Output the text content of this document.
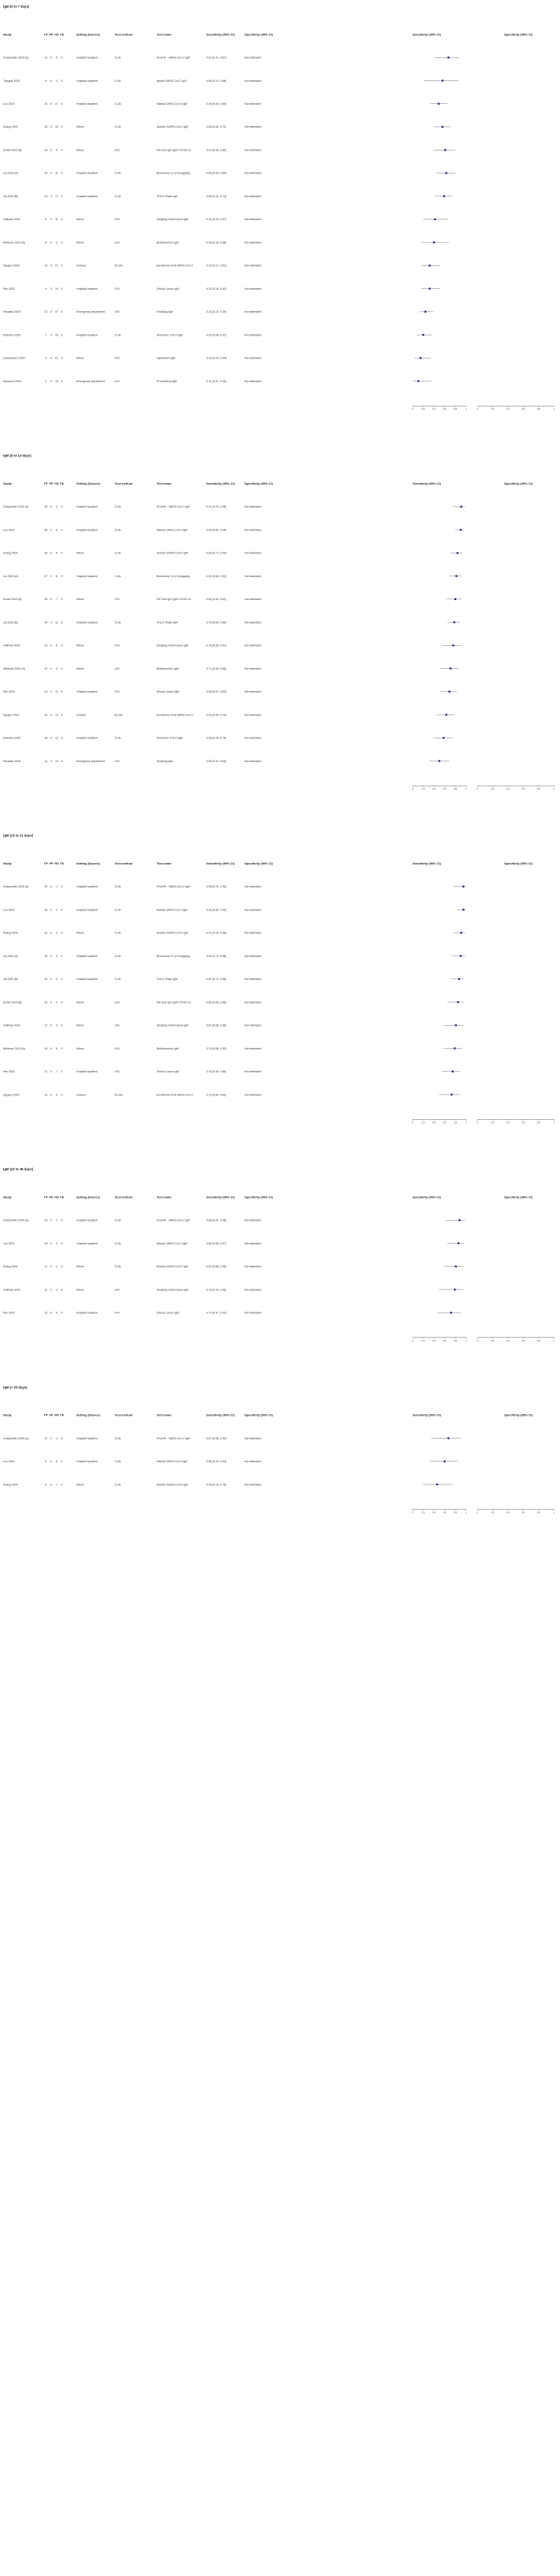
IgM (0 to 7 days)
Study	TP FP FN TN	Setting (Source)	Test method	Test name	Sensitivity (95% CI)	Specificity (95% CI)	Sensitivity (95% CI)	Specificity (95% CI)
Charpentier 2020 (A)	12 0 6 0	Hospital inpatient	CLIA	iFLASH - SARS-CoV-2 IgM	0.67 [0.41, 0.87]	Not estimable
Traugott 2020	5 0 4 0	Hospital inpatient	CLIA	Abbott SARS-CoV-2 IgG	0.56 [0.21, 0.86]	Not estimable
Lou 2020	20 0 21 0	Hospital inpatient	CLIA	Wantai SARS-CoV-2 IgM	0.49 [0.33, 0.65]	Not estimable
Zhang 2020	23 0 18 0	Mixed	CLIA	Autobio SARS-CoV-2 IgM	0.56 [0.40, 0.72]	Not estimable
Dortet 2020 (B)	14 0 9 0	Mixed	LFA	NG-Test IgG-IgM COVID-19	0.61 [0.39, 0.80]	Not estimable
Liu 2020 (A)	19 0 11 0	Hospital inpatient	CLIA	Bioscience Co (Chongqing)	0.63 [0.44, 0.80]	Not estimable
Jia 2020 (B)	24 0 17 0	Hospital inpatient	CLIA	YHLO iFlash IgM	0.59 [0.42, 0.74]	Not estimable
Hoffman 2020	8 0 11 0	Mixed	LFA	Zhejiang Orient Gene IgM	0.42 [0.20, 0.67]	Not estimable
Whitman 2020 (A)	6 0 9 0	Mixed	LFA	BioMedomics IgM	0.40 [0.16, 0.68]	Not estimable
Nguyen 2020	10 0 21 0	Unclear	ELISA	Euroimmun Anti-SARS-CoV-2	0.32 [0.17, 0.51]	Not estimable
Pan 2020	9 0 19 0	Hospital inpatient	LFA	Zhuhai Livzon IgM	0.32 [0.16, 0.52]	Not estimable
Paradiso 2020	12 0 37 0	Emergency department	LFA	VivaDiag IgM	0.24 [0.13, 0.39]	Not estimable
Infantino 2020	7 0 28 0	Hospital inpatient	CLIA	Shenzhen YHLO IgM	0.20 [0.08, 0.37]	Not estimable
Lassauniere 2020	4 0 23 0	Mixed	LFA	Dynamiker IgM	0.15 [0.04, 0.34]	Not estimable
Spicuzza 2020	2 0 16 0	Emergency department	LFA	Prometheus IgM	0.11 [0.01, 0.35]	Not estimable
0	0.2	0.4	0.6	0.8	1	0	0.2	0.4	0.6	0.8	1
IgM (8 to 14 days)
Study	TP FP FN TN	Setting (Source)	Test method	Test name	Sensitivity (95% CI)	Specificity (95% CI)	Sensitivity (95% CI)	Specificity (95% CI)
Charpentier 2020 (A)	29 0 3 0	Hospital inpatient	CLIA	iFLASH - SARS-CoV-2 IgM	0.91 [0.75, 0.98]	Not estimable
Lou 2020	55 0 6 0	Hospital inpatient	CLIA	Wantai SARS-CoV-2 IgM	0.90 [0.80, 0.96]	Not estimable
Zhang 2020	43 0 8 0	Mixed	CLIA	Autobio SARS-CoV-2 IgM	0.84 [0.71, 0.93]	Not estimable
Liu 2020 (A)	37 0 8 0	Hospital inpatient	CLIA	Bioscience Co (Chongqing)	0.82 [0.68, 0.92]	Not estimable
Dortet 2020 (B)	28 0 7 0	Mixed	LFA	NG-Test IgG-IgM COVID-19	0.80 [0.63, 0.92]	Not estimable
Jia 2020 (B)	40 0 11 0	Hospital inpatient	CLIA	YHLO iFlash IgM	0.78 [0.65, 0.89]	Not estimable
Hoffman 2020	19 0 6 0	Mixed	LFA	Zhejiang Orient Gene IgM	0.76 [0.55, 0.91]	Not estimable
Whitman 2020 (A)	22 0 9 0	Mixed	LFA	BioMedomics IgM	0.71 [0.52, 0.86]	Not estimable
Pan 2020	24 0 11 0	Hospital inpatient	LFA	Zhuhai Livzon IgM	0.69 [0.51, 0.83]	Not estimable
Nguyen 2020	20 0 12 0	Unclear	ELISA	Euroimmun Anti-SARS-CoV-2	0.63 [0.44, 0.79]	Not estimable
Infantino 2020	18 0 13 0	Hospital inpatient	CLIA	Shenzhen YHLO IgM	0.58 [0.39, 0.75]	Not estimable
Paradiso 2020	14 0 14 0	Emergency department	LFA	VivaDiag IgM	0.50 [0.31, 0.69]	Not estimable
0	0.2	0.4	0.6	0.8	1	0	0.2	0.4	0.6	0.8	1
IgM (15 to 21 days)
Study	TP FP FN TN	Setting (Source)	Test method	Test name	Sensitivity (95% CI)	Specificity (95% CI)	Sensitivity (95% CI)	Specificity (95% CI)
Charpentier 2020 (A)	20 0 1 0	Hospital inpatient	CLIA	iFLASH - SARS-CoV-2 IgM	0.95 [0.76, 1.00]	Not estimable
Lou 2020	39 0 2 0	Hospital inpatient	CLIA	Wantai SARS-CoV-2 IgM	0.95 [0.83, 0.99]	Not estimable
Zhang 2020	31 0 3 0	Mixed	CLIA	Autobio SARS-CoV-2 IgM	0.91 [0.76, 0.98]	Not estimable
Liu 2020 (A)	26 0 3 0	Hospital inpatient	CLIA	Bioscience Co (Chongqing)	0.90 [0.73, 0.98]	Not estimable
Jia 2020 (B)	33 0 5 0	Hospital inpatient	CLIA	YHLO iFlash IgM	0.87 [0.72, 0.96]	Not estimable
Dortet 2020 (B)	22 0 4 0	Mixed	LFA	NG-Test IgG-IgM COVID-19	0.85 [0.65, 0.96]	Not estimable
Hoffman 2020	17 0 4 0	Mixed	LFA	Zhejiang Orient Gene IgM	0.81 [0.58, 0.95]	Not estimable
Whitman 2020 (A)	19 0 5 0	Mixed	LFA	BioMedomics IgM	0.79 [0.58, 0.93]	Not estimable
Pan 2020	21 0 7 0	Hospital inpatient	LFA	Zhuhai Livzon IgM	0.75 [0.55, 0.89]	Not estimable
Nguyen 2020	16 0 6 0	Unclear	ELISA	Euroimmun Anti-SARS-CoV-2	0.73 [0.50, 0.89]	Not estimable
0	0.2	0.4	0.6	0.8	1	0	0.2	0.4	0.6	0.8	1
IgM (22 to 35 days)
Study	TP FP FN TN	Setting (Source)	Test method	Test name	Sensitivity (95% CI)	Specificity (95% CI)	Sensitivity (95% CI)	Specificity (95% CI)
Charpentier 2020 (A)	14 0 2 0	Hospital inpatient	CLIA	iFLASH - SARS-CoV-2 IgM	0.88 [0.62, 0.98]	Not estimable
Lou 2020	19 0 3 0	Hospital inpatient	CLIA	Wantai SARS-CoV-2 IgM	0.86 [0.65, 0.97]	Not estimable
Zhang 2020	17 0 4 0	Mixed	CLIA	Autobio SARS-CoV-2 IgM	0.81 [0.58, 0.95]	Not estimable
Hoffman 2020	11 0 3 0	Mixed	LFA	Zhejiang Orient Gene IgM	0.79 [0.49, 0.95]	Not estimable
Pan 2020	13 0 5 0	Hospital inpatient	LFA	Zhuhai Livzon IgM	0.72 [0.47, 0.90]	Not estimable
0	0.2	0.4	0.6	0.8	1	0	0.2	0.4	0.6	0.8	1
IgM (> 35 days)
Study	TP FP FN TN	Setting (Source)	Test method	Test name	Sensitivity (95% CI)	Specificity (95% CI)	Sensitivity (95% CI)	Specificity (95% CI)
Charpentier 2020 (A)	8 0 4 0	Hospital inpatient	CLIA	iFLASH - SARS-CoV-2 IgM	0.67 [0.35, 0.90]	Not estimable
Lou 2020	9 0 6 0	Hospital inpatient	CLIA	Wantai SARS-CoV-2 IgM	0.60 [0.32, 0.84]	Not estimable
Zhang 2020	6 0 7 0	Mixed	CLIA	Autobio SARS-CoV-2 IgM	0.46 [0.19, 0.75]	Not estimable
0	0.2	0.4	0.6	0.8	1	0	0.2	0.4	0.6	0.8	1
